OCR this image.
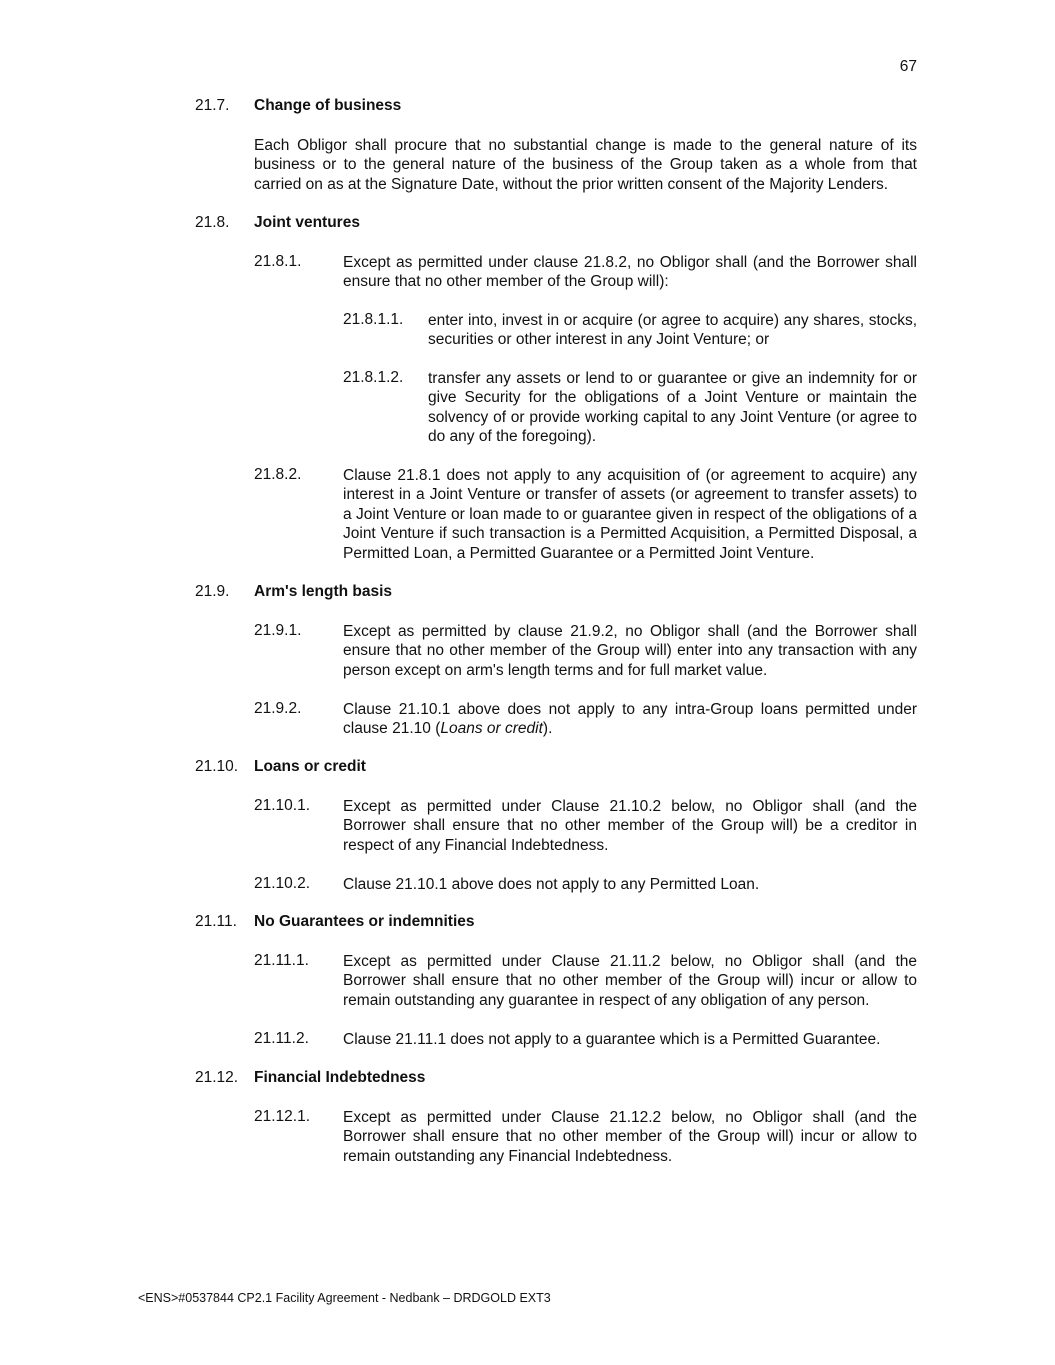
67
21.7. Change of business
Each Obligor shall procure that no substantial change is made to the general nature of its business or to the general nature of the business of the Group taken as a whole from that carried on as at the Signature Date, without the prior written consent of the Majority Lenders.
21.8. Joint ventures
21.8.1.	Except as permitted under clause 21.8.2, no Obligor shall (and the Borrower shall ensure that no other member of the Group will):
21.8.1.1. enter into, invest in or acquire (or agree to acquire) any shares, stocks, securities or other interest in any Joint Venture; or
21.8.1.2. transfer any assets or lend to or guarantee or give an indemnity for or give Security for the obligations of a Joint Venture or maintain the solvency of or provide working capital to any Joint Venture (or agree to do any of the foregoing).
21.8.2.	Clause 21.8.1 does not apply to any acquisition of (or agreement to acquire) any interest in a Joint Venture or transfer of assets (or agreement to transfer assets) to a Joint Venture or loan made to or guarantee given in respect of the obligations of a Joint Venture if such transaction is a Permitted Acquisition, a Permitted Disposal, a Permitted Loan, a Permitted Guarantee or a Permitted Joint Venture.
21.9. Arm's length basis
21.9.1.	Except as permitted by clause 21.9.2, no Obligor shall (and the Borrower shall ensure that no other member of the Group will) enter into any transaction with any person except on arm's length terms and for full market value.
21.9.2.	Clause 21.10.1 above does not apply to any intra-Group loans permitted under clause 21.10 (Loans or credit).
21.10. Loans or credit
21.10.1. Except as permitted under Clause 21.10.2 below, no Obligor shall (and the Borrower shall ensure that no other member of the Group will) be a creditor in respect of any Financial Indebtedness.
21.10.2. Clause 21.10.1 above does not apply to any Permitted Loan.
21.11. No Guarantees or indemnities
21.11.1. Except as permitted under Clause 21.11.2 below, no Obligor shall (and the Borrower shall ensure that no other member of the Group will) incur or allow to remain outstanding any guarantee in respect of any obligation of any person.
21.11.2. Clause 21.11.1 does not apply to a guarantee which is a Permitted Guarantee.
21.12. Financial Indebtedness
21.12.1. Except as permitted under Clause 21.12.2 below, no Obligor shall (and the Borrower shall ensure that no other member of the Group will) incur or allow to remain outstanding any Financial Indebtedness.
<ENS>#0537844 CP2.1 Facility Agreement - Nedbank – DRDGOLD EXT3
